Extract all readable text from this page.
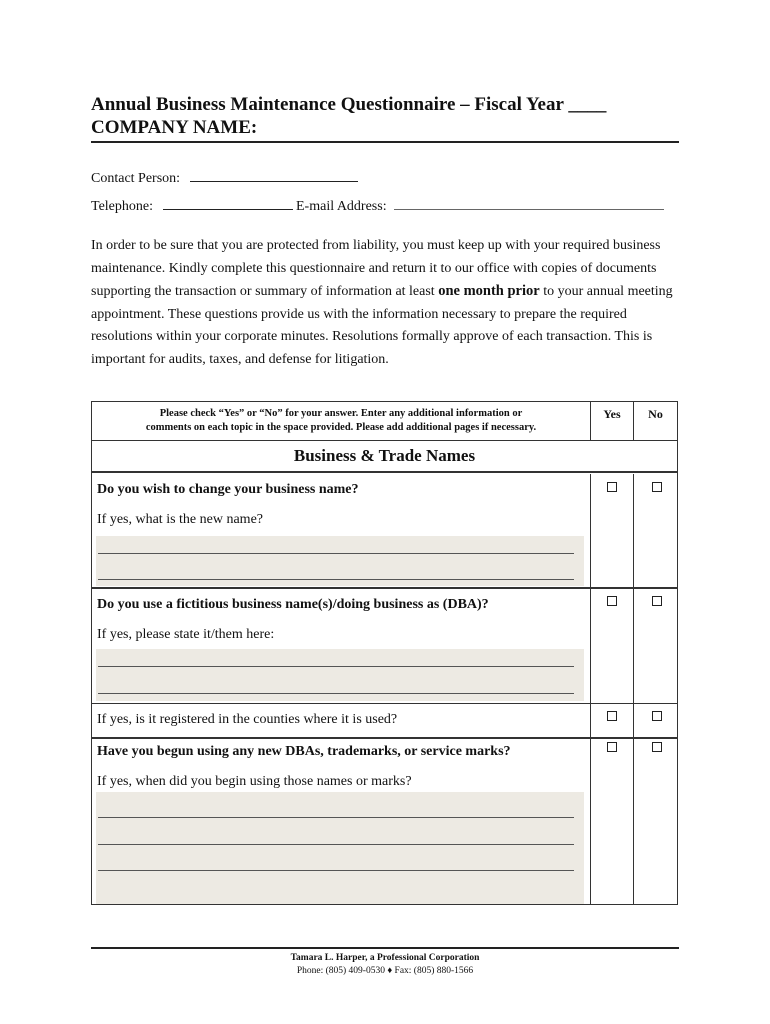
Annual Business Maintenance Questionnaire – Fiscal Year ____
COMPANY NAME:
Contact Person:
Telephone:	E-mail Address:
In order to be sure that you are protected from liability, you must keep up with your required business maintenance. Kindly complete this questionnaire and return it to our office with copies of documents supporting the transaction or summary of information at least one month prior to your annual meeting appointment. These questions provide us with the information necessary to prepare the required resolutions within your corporate minutes. Resolutions formally approve of each transaction. This is important for audits, taxes, and defense for litigation.
Please check “Yes” or “No” for your answer. Enter any additional information or
comments on each topic in the space provided. Please add additional pages if necessary.
Yes	No
Business & Trade Names
Do you wish to change your business name?
If yes, what is the new name?
Do you use a fictitious business name(s)/doing business as (DBA)?
If yes, please state it/them here:
If yes, is it registered in the counties where it is used?
Have you begun using any new DBAs, trademarks, or service marks?
If yes, when did you begin using those names or marks?
Tamara L. Harper, a Professional Corporation
Phone: (805) 409-0530 ♦ Fax: (805) 880-1566
